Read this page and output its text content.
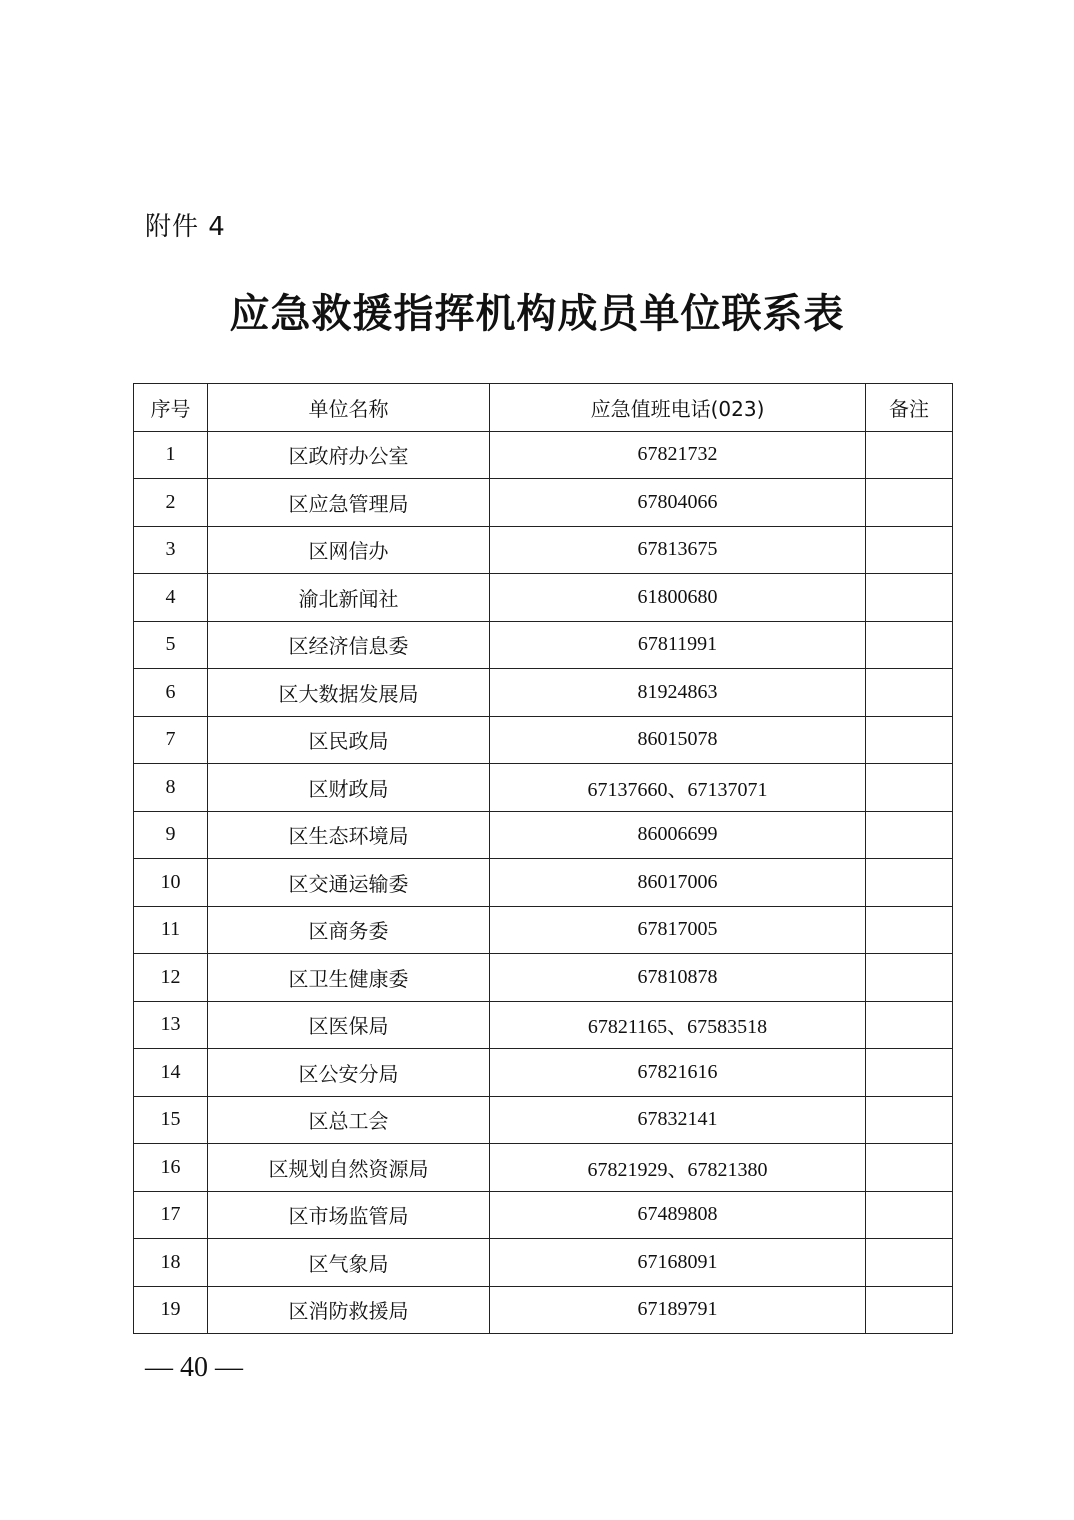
附件 4
应急救援指挥机构成员单位联系表
序号	单位名称	应急值班电话(023)	备注
1	区政府办公室	67821732	
2	区应急管理局	67804066	
3	区网信办	67813675	
4	渝北新闻社	61800680	
5	区经济信息委	67811991	
6	区大数据发展局	81924863	
7	区民政局	86015078	
8	区财政局	67137660、67137071	
9	区生态环境局	86006699	
10	区交通运输委	86017006	
11	区商务委	67817005	
12	区卫生健康委	67810878	
13	区医保局	67821165、67583518	
14	区公安分局	67821616	
15	区总工会	67832141	
16	区规划自然资源局	67821929、67821380	
17	区市场监管局	67489808	
18	区气象局	67168091	
19	区消防救援局	67189791	
— 40 —
